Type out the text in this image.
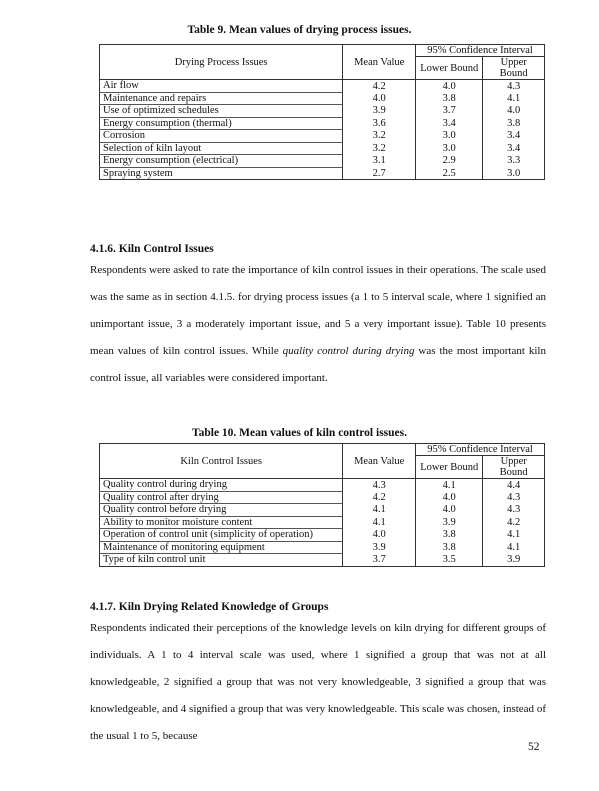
Table 9. Mean values of drying process issues.
Drying Process Issues	Mean Value	95% Confidence Interval	
		Lower Bound	Upper Bound
Air flow	4.2	4.0	4.3
Maintenance and repairs	4.0	3.8	4.1
Use of optimized schedules	3.9	3.7	4.0
Energy consumption (thermal)	3.6	3.4	3.8
Corrosion	3.2	3.0	3.4
Selection of kiln layout	3.2	3.0	3.4
Energy consumption (electrical)	3.1	2.9	3.3
Spraying system	2.7	2.5	3.0
4.1.6. Kiln Control Issues
Respondents were asked to rate the importance of kiln control issues in their operations. The scale used was the same as in section 4.1.5. for drying process issues (a 1 to 5 interval scale, where 1 signified an unimportant issue, 3 a moderately important issue, and 5 a very important issue). Table 10 presents mean values of kiln control issues. While quality control during drying was the most important kiln control issue, all variables were considered important.
Table 10. Mean values of kiln control issues.
Kiln Control Issues	Mean Value	95% Confidence Interval	
		Lower Bound	Upper Bound
Quality control during drying	4.3	4.1	4.4
Quality control after drying	4.2	4.0	4.3
Quality control before drying	4.1	4.0	4.3
Ability to monitor moisture content	4.1	3.9	4.2
Operation of control unit (simplicity of operation)	4.0	3.8	4.1
Maintenance of monitoring equipment	3.9	3.8	4.1
Type of kiln control unit	3.7	3.5	3.9
4.1.7. Kiln Drying Related Knowledge of Groups
Respondents indicated their perceptions of the knowledge levels on kiln drying for different groups of individuals. A 1 to 4 interval scale was used, where 1 signified a group that was not at all knowledgeable, 2 signified a group that was not very knowledgeable, 3 signified a group that was knowledgeable, and 4 signified a group that was very knowledgeable. This scale was chosen, instead of the usual 1 to 5, because
52
